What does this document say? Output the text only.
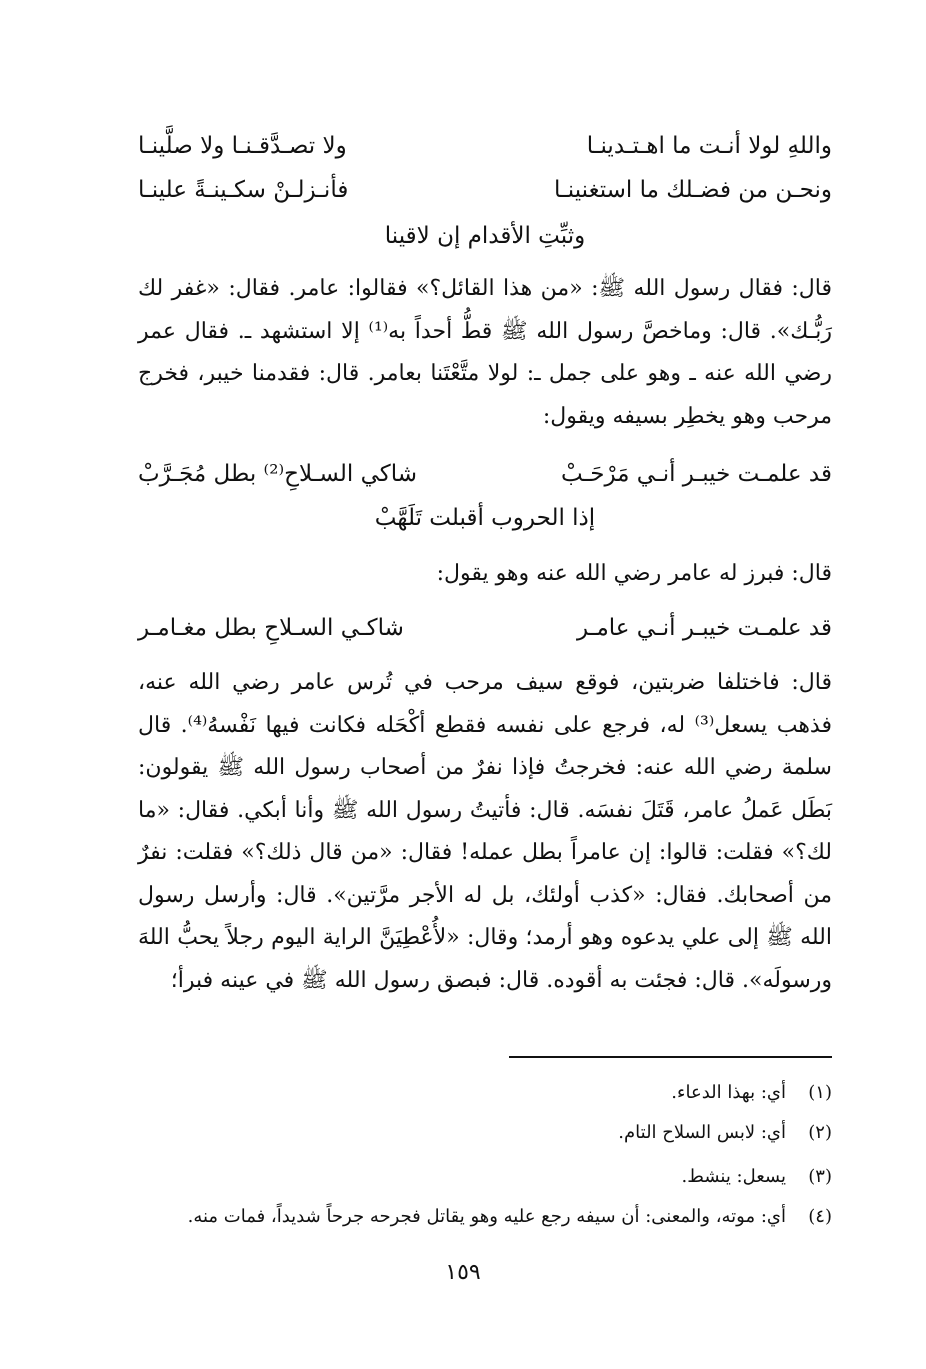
واللهِ لولا أنـت ما اهـتـدينـا
ولا تصـدَّقـنـا ولا صلَّينـا
ونحـن من فضـلك ما استغنينـا
فأنـزلـنْ سكـينـةً علينـا
وثبِّتِ الأقدام إن لاقينا

قال: فقال رسول الله ﷺ: «من هذا القائل؟» فقالوا: عامر. فقال: «غفر لك رَبُّـك». قال: وماخصَّ رسول الله ﷺ قطُّ أحداً به⁽¹⁾ إلا استشهد ـ. فقال عمر رضي الله عنه ـ وهو على جمل ـ: لولا متَّعْتَنا بعامر. قال: فقدمنا خيبر، فخرج مرحب وهو يخطِر بسيفه ويقول:

قد علمـت خيبـر أنـي مَرْحَـبْ
شاكي السـلاحِ⁽²⁾ بطل مُجَـرَّبْ
إذا الحروب أقبلت تَلَهَّبْ

قال: فبرز له عامر رضي الله عنه وهو يقول:

قد علمـت خيبـر أنـي عامـر
شاكـي السـلاحِ بطل مغـامـر

قال: فاختلفا ضربتين، فوقع سيف مرحب في تُرس عامر رضي الله عنه، فذهب يسعل⁽³⁾ له، فرجع على نفسه فقطع أكْحَله فكانت فيها نَفْسهُ⁽⁴⁾. قال سلمة رضي الله عنه: فخرجتُ فإذا نفرٌ من أصحاب رسول الله ﷺ يقولون: بَطَل عَملُ عامر، قَتَلَ نفسَه. قال: فأتيتُ رسول الله ﷺ وأنا أبكي. فقال: «ما لك؟» فقلت: قالوا: إن عامراً بطل عمله! فقال: «من قال ذلك؟» فقلت: نفرٌ من أصحابك. فقال: «كذب أولئك، بل له الأجر مرَّتين». قال: وأرسل رسول الله ﷺ إلى علي يدعوه وهو أرمد؛ وقال: «لأُعْطِيَنَّ الراية اليوم رجلاً يحبُّ اللهَ ورسولَه». قال: فجئت به أقوده. قال: فبصق رسول الله ﷺ في عينه فبرأ؛

(١)
أي: بهذا الدعاء.
(٢)
أي: لابس السلاح التام.
(٣)
يسعل: ينشط.
(٤)
أي: موته، والمعنى: أن سيفه رجع عليه وهو يقاتل فجرحه جرحاً شديداً، فمات منه.
١٥٩
